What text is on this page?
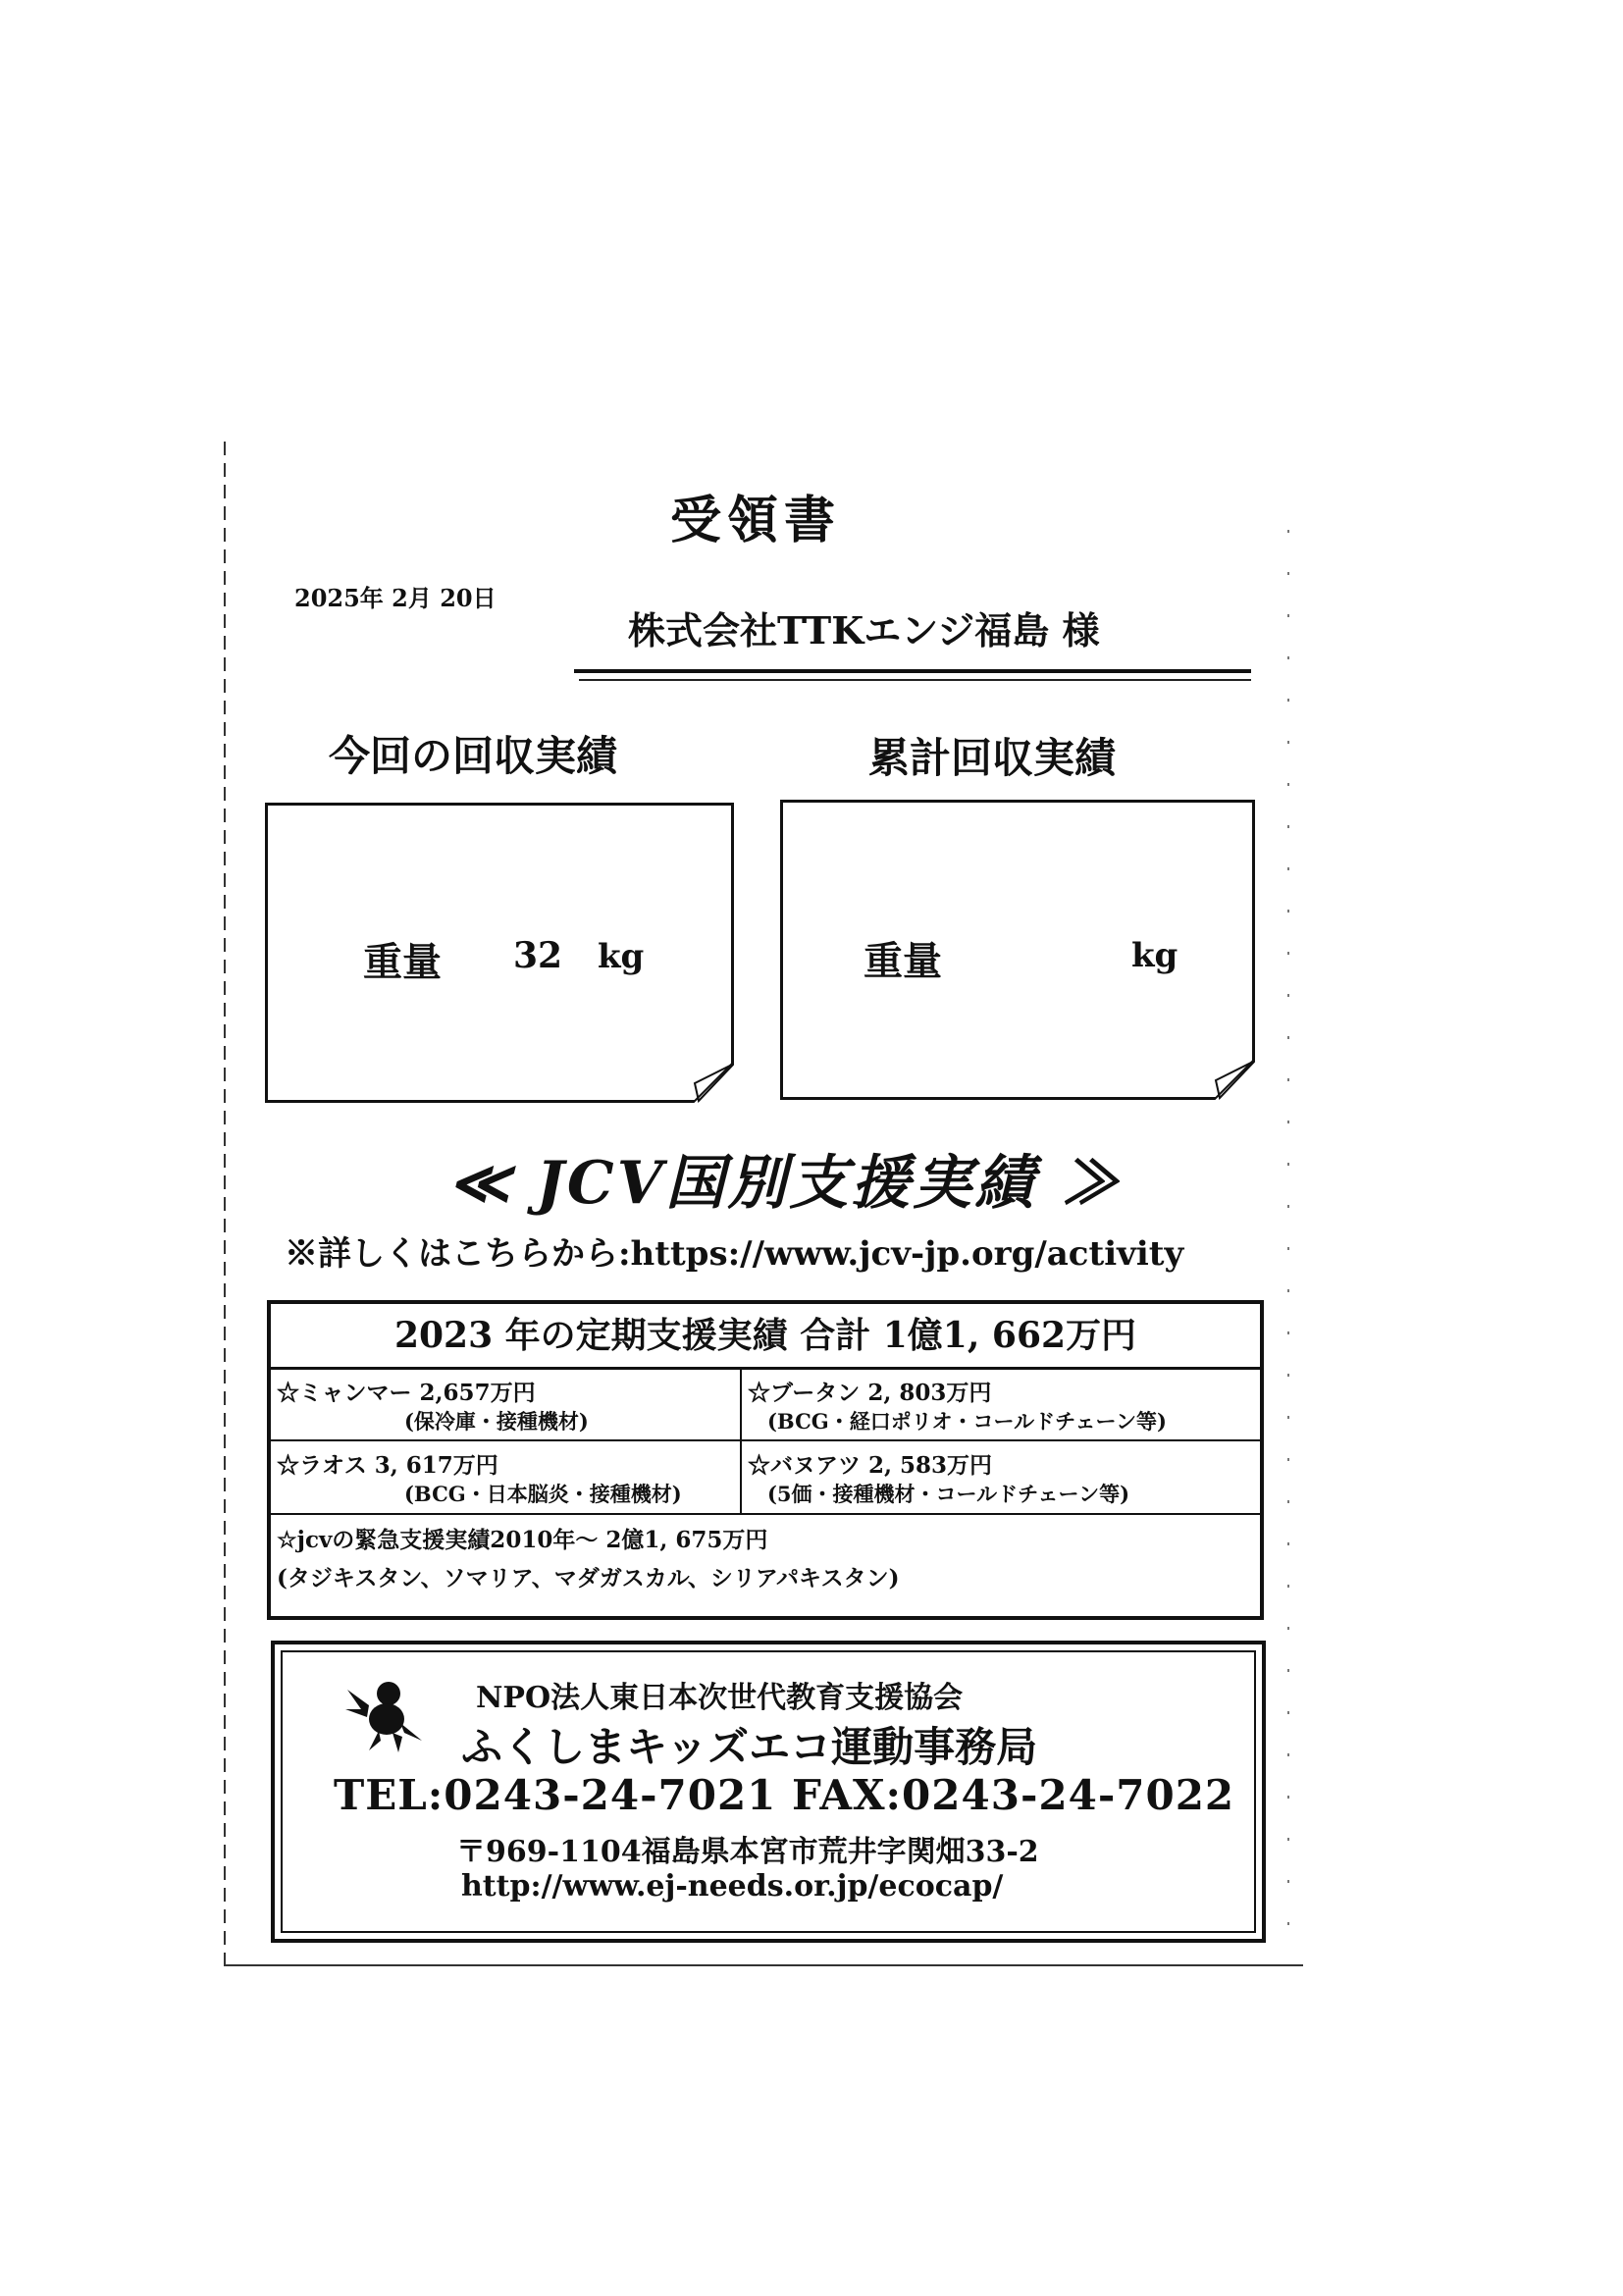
受領書
2025年 2月 20日
株式会社TTKエンジ福島 様
今回の回収実績
重量 32 kg
累計回収実績
重量	kg
≪ JCV国別支援実績 ≫
※詳しくはこちらから:https://www.jcv-jp.org/activity
2023 年の定期支援実績 合計 1億1, 662万円
☆ミャンマー 2,657万円
(保冷庫・接種機材)
☆ブータン 2, 803万円
(BCG・経口ポリオ・コールドチェーン等)
☆ラオス 3, 617万円
(BCG・日本脳炎・接種機材)
☆バヌアツ 2, 583万円
(5価・接種機材・コールドチェーン等)
☆jcvの緊急支援実績2010年～ 2億1, 675万円
(タジキスタン、ソマリア、マダガスカル、シリアパキスタン)
NPO法人東日本次世代教育支援協会
ふくしまキッズエコ運動事務局
TEL:0243-24-7021 FAX:0243-24-7022
〒969-1104福島県本宮市荒井字関畑33-2
http://www.ej-needs.or.jp/ecocap/
